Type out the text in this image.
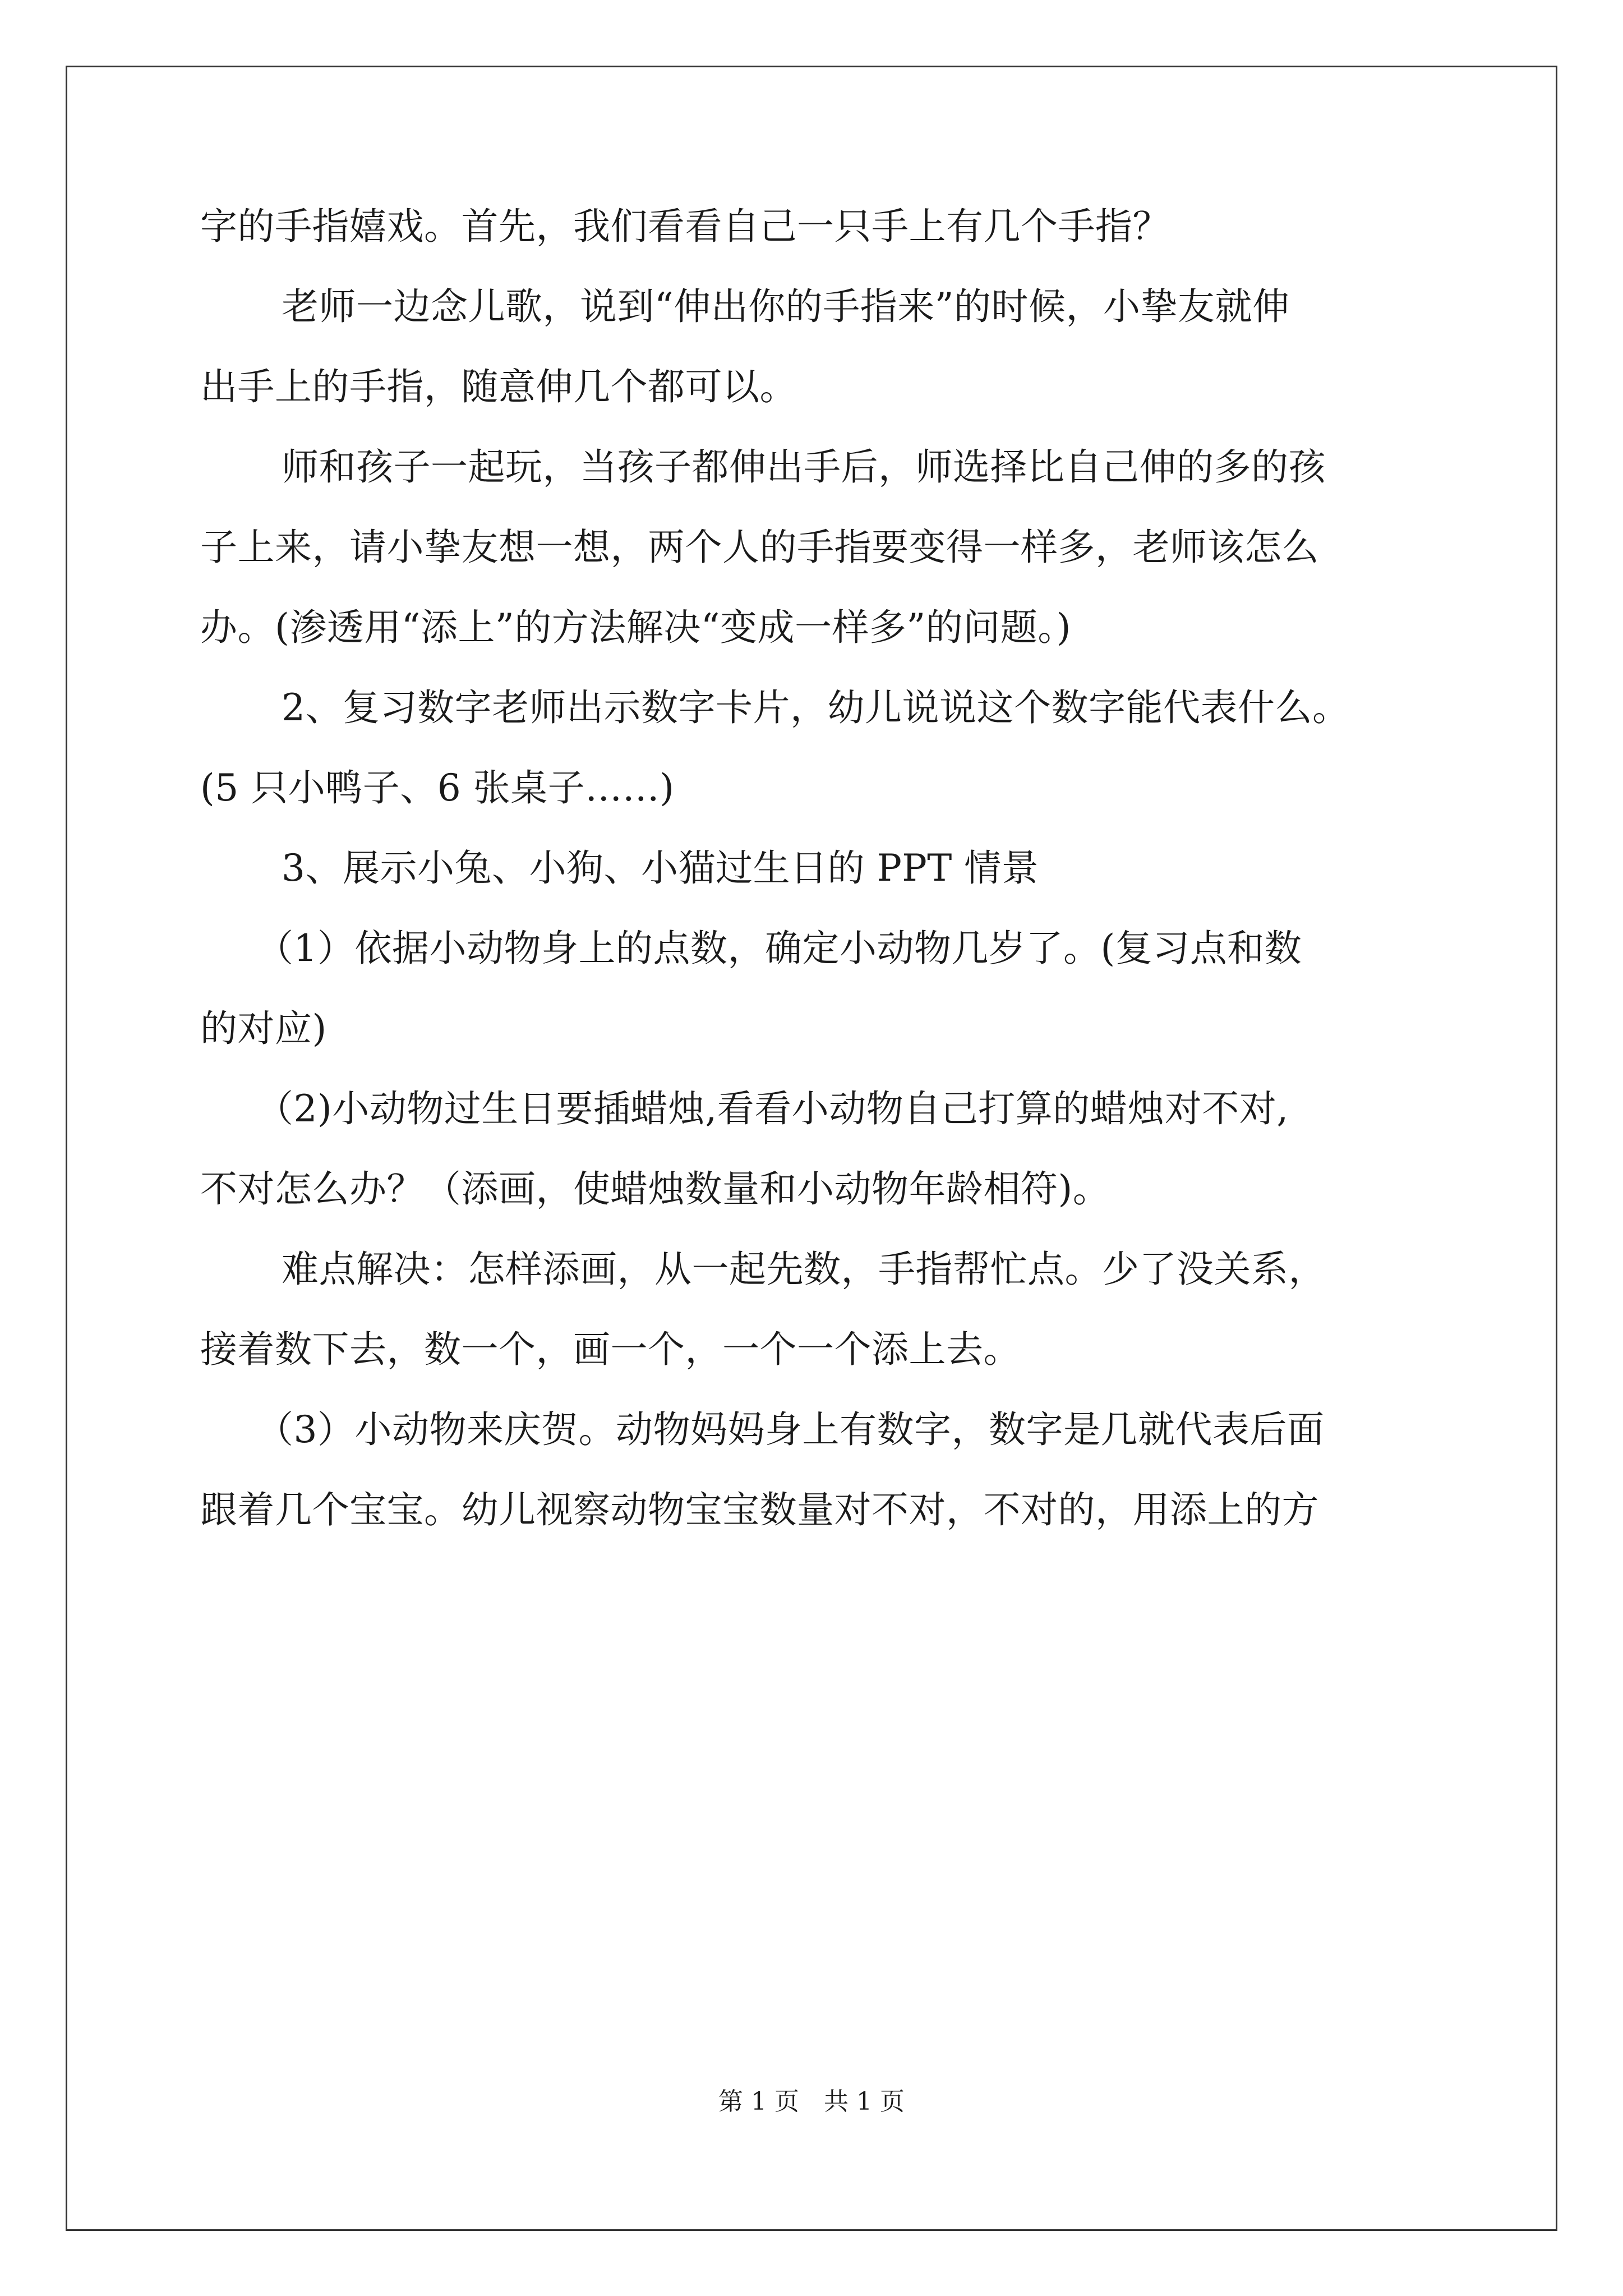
字的手指嬉戏。首先，我们看看自己一只手上有几个手指？
老师一边念儿歌，说到“伸出你的手指来”的时候，小挚友就伸
出手上的手指，随意伸几个都可以。
师和孩子一起玩，当孩子都伸出手后，师选择比自己伸的多的孩
子上来，请小挚友想一想，两个人的手指要变得一样多，老师该怎么
办。(渗透用“添上”的方法解决“变成一样多”的问题。)
2、复习数字老师出示数字卡片，幼儿说说这个数字能代表什么。
(5 只小鸭子、6 张桌子……)
3、展示小兔、小狗、小猫过生日的 PPT 情景
（1）依据小动物身上的点数，确定小动物几岁了。(复习点和数
的对应)
（2)小动物过生日要插蜡烛,看看小动物自己打算的蜡烛对不对,
不对怎么办？（添画，使蜡烛数量和小动物年龄相符)。
难点解决：怎样添画，从一起先数，手指帮忙点。少了没关系，
接着数下去，数一个，画一个，一个一个添上去。
（3）小动物来庆贺。动物妈妈身上有数字，数字是几就代表后面
跟着几个宝宝。幼儿视察动物宝宝数量对不对，不对的，用添上的方
第 1 页　共 1 页
